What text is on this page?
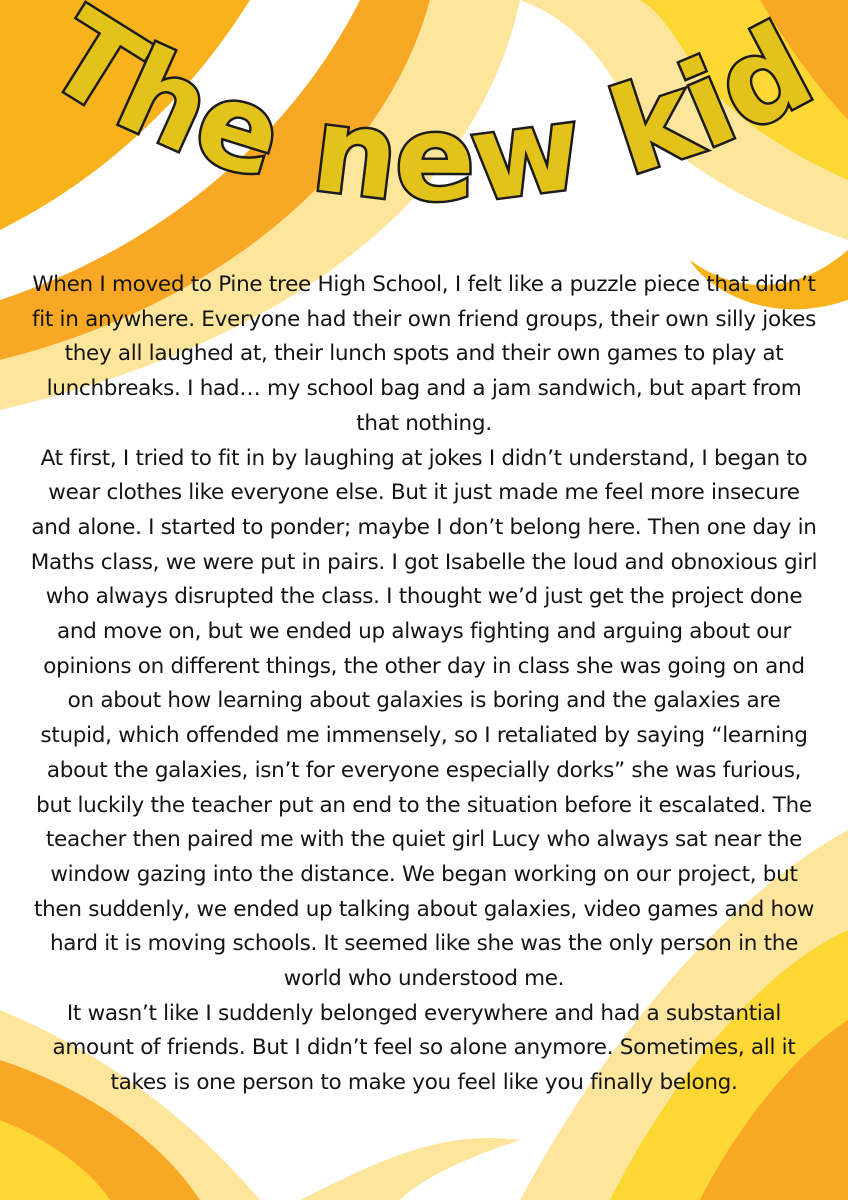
The new kid

When I moved to Pine tree High School, I felt like a puzzle piece that didn’t fit in anywhere. Everyone had their own friend groups, their own silly jokes they all laughed at, their lunch spots and their own games to play at lunchbreaks. I had… my school bag and a jam sandwich, but apart from that nothing.

At first, I tried to fit in by laughing at jokes I didn’t understand, I began to wear clothes like everyone else. But it just made me feel more insecure and alone. I started to ponder; maybe I don’t belong here. Then one day in Maths class, we were put in pairs. I got Isabelle the loud and obnoxious girl who always disrupted the class. I thought we’d just get the project done and move on, but we ended up always fighting and arguing about our opinions on different things, the other day in class she was going on and on about how learning about galaxies is boring and the galaxies are stupid, which offended me immensely, so I retaliated by saying “learning about the galaxies, isn’t for everyone especially dorks” she was furious, but luckily the teacher put an end to the situation before it escalated. The teacher then paired me with the quiet girl Lucy who always sat near the window gazing into the distance. We began working on our project, but then suddenly, we ended up talking about galaxies, video games and how hard it is moving schools. It seemed like she was the only person in the world who understood me.

It wasn’t like I suddenly belonged everywhere and had a substantial amount of friends. But I didn’t feel so alone anymore. Sometimes, all it takes is one person to make you feel like you finally belong.
